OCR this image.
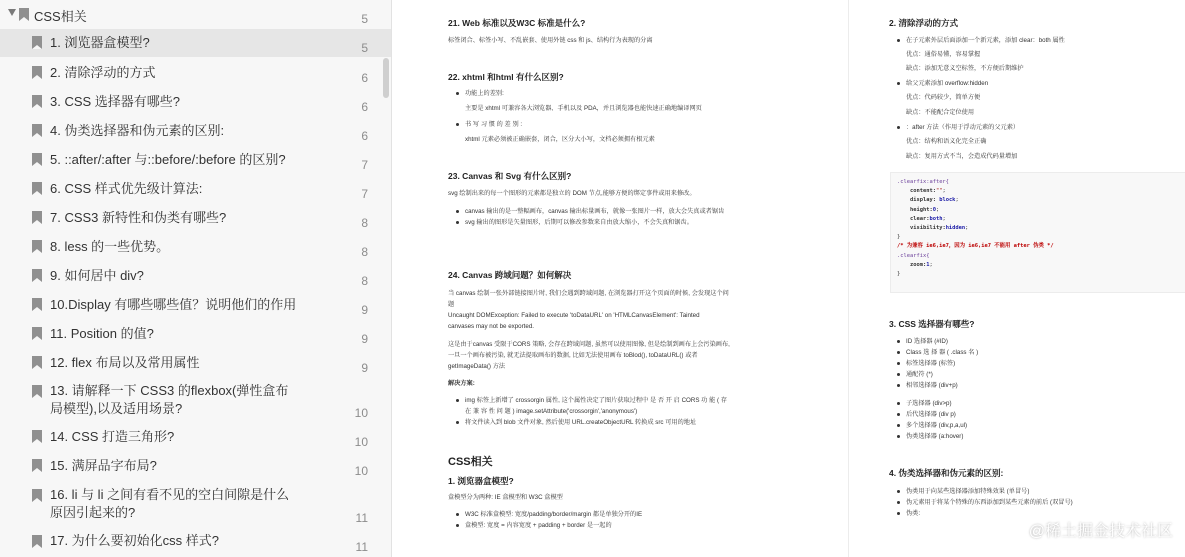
CSS相关	5
1. 浏览器盒模型?	5
2. 清除浮动的方式	6
3. CSS 选择器有哪些?	6
4. 伪类选择器和伪元素的区别:	6
5. ::after/:after 与::before/:before 的区别?	7
6. CSS 样式优先级计算法:	7
7. CSS3 新特性和伪类有哪些?	8
8. less 的一些优势。	8
9. 如何居中 div?	8
10.Display 有哪些哪些值？说明他们的作用	9
11. Position 的值?	9
12. flex 布局以及常用属性	9
13. 请解释一下 CSS3 的flexbox(弹性盒布局模型),以及适用场景?	10
14. CSS 打造三角形?	10
15. 满屏品字布局?	10
16. li 与 li 之间有看不见的空白间隙是什么原因引起来的?	11
17. 为什么要初始化css 样式?	11
21. Web 标准以及W3C 标准是什么?
标签闭合、标签小写、不乱嵌套、使用外链 css 和 js、结构行为表现的分离
22. xhtml 和html 有什么区别?
功能上的差别:
主要是 xhtml 可兼容各大浏览器、手机以及 PDA，并且浏览器也能快速正确地编译网页
书 写 习 惯 的 差 别 :
xhtml 元素必须被正确嵌套，闭合，区分大小写，文档必须拥有根元素
23. Canvas 和 Svg 有什么区别?
svg 绘制出来的每一个图形的元素都是独立的 DOM 节点,能够方便的绑定事件或用来修改。
canvas 输出的是一整幅画布，canvas 输出标量画布，就像一张图片一样，放大会失真或者锯齿
svg 输出的图形是矢量图形，后期可以修改参数来自由放大缩小，不会失真和锯齿。
24. Canvas 跨域问题？如何解决
当 canvas 绘制一张外部链接图片时, 我们会遇到跨域问题, 在浏览器打开这个页面的时候, 会发现这个问
题
Uncaught DOMException: Failed to execute 'toDataURL' on 'HTMLCanvasElement': Tainted
canvases may not be exported.
这是由于canvas 受限于CORS 策略, 会存在跨域问题, 虽然可以使用图像, 但是绘制到画布上会污染画布,
一旦一个画布被污染, 就无法提取画布的数据, 比如无法使用画布 toBlod(), toDataURL() 或者
getImageData() 方法
解决方案:
img 标签上新增了 crossorgin 属性, 这个属性决定了图片获取过程中 是 否 开 启 CORS 功 能 ( 存
在 兼 容 性 问 题 ) image.setAttribute('crossorgin','anonymous')
将文件读入到 blob 文件对象, 然后使用 URL.createObjectURL 转换成 src 可用的地址
CSS相关
1. 浏览器盒模型?
盒模型分为两种: IE 盒模型和 W3C 盒模型
W3C 标准盒模型: 宽度/padding/border/margin 都是单独分开的IE
盒模型: 宽度 = 内容宽度 + padding + border 是一起的
2. 清除浮动的方式
在子元素外层后面添加一个新元素，添加 clear：both 属性
优点：通俗易懂，容易掌握
缺点：添加无意义空标签，不方便后期维护
给父元素添加 overflow:hidden
优点：代码较少，简单方便
缺点：不能配合定位使用
：after 方法（作用于浮动元素的父元素）
优点：结构和语义化完全正确
缺点：复用方式不当，会造成代码量增加
.clearfix:after{
content:"";
display: block;
height:0;
clear:both;
visibility:hidden;
}
/* 为兼容 ie6,ie7，因为 ie6,ie7 不能用 after 伪类 */
.clearfix{
zoom:1;
}
3. CSS 选择器有哪些?
ID 选择器 (#ID)
Class 选 择 器 ( .class 名 )
标签选择器 (标签)
通配符 (*)
相邻选择器 (div+p)
子选择器 (div>p)
后代选择器 (div p)
多个选择器 (div,p,a,ul)
伪类选择器 (a:hover)
4. 伪类选择器和伪元素的区别:
伪类用于向某些选择器添加特殊效果 (单冒号)
伪元素用于将某个特殊的东西添加到某些元素的前后 (双冒号)
伪类:
@稀土掘金技术社区
